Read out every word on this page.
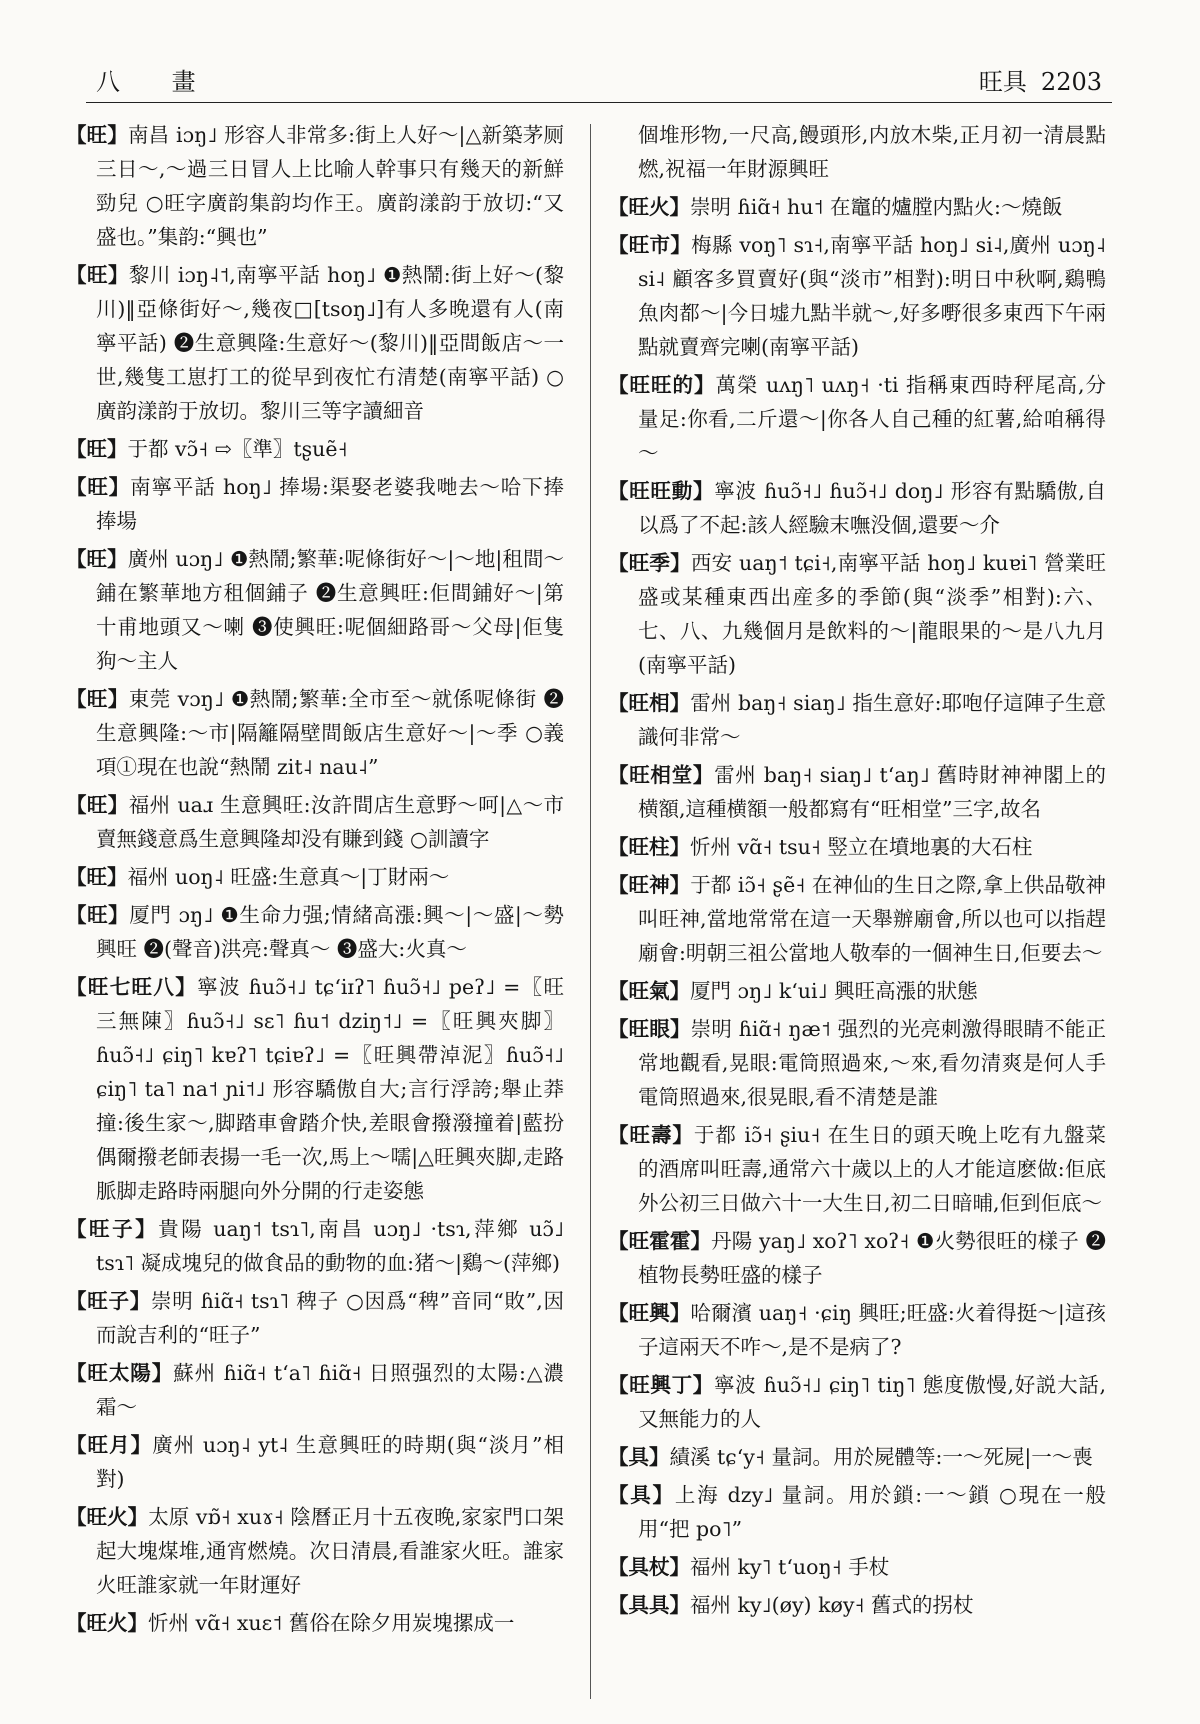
八 畫	旺具 2203
【旺】南昌 iɔŋ˩ 形容人非常多:街上人好～|△新築茅厕三日～,～過三日冒人上比喻人幹事只有幾天的新鮮勁兒 ○旺字廣韵集韵均作王。廣韵漾韵于放切:“又盛也。”集韵:“興也”
【旺】黎川 iɔŋ˨˦,南寧平話 hoŋ˩ ❶熱鬧:街上好～(黎川)‖亞條街好～,幾夜□[tsoŋ˩]有人多晚還有人(南寧平話) ❷生意興隆:生意好～(黎川)‖亞間飯店～一世,幾隻工崽打工的從早到夜忙冇清楚(南寧平話) ○廣韵漾韵于放切。黎川三等字讀細音
【旺】于都 vɔ̃˧ ⇨〖準〗tʂuẽ˧
【旺】南寧平話 hoŋ˩ 捧場:渠娶老婆我哋去～哈下捧捧場
【旺】廣州 uɔŋ˩ ❶熱鬧;繁華:呢條街好～|～地|租間～鋪在繁華地方租個鋪子 ❷生意興旺:佢間鋪好～|第十甫地頭又～喇 ❸使興旺:呢個細路哥～父母|佢隻狗～主人
【旺】東莞 vɔŋ˩ ❶熱鬧;繁華:全市至～就係呢條街 ❷生意興隆:～市|隔籬隔壁間飯店生意好～|～季 ○義項①現在也說“熱鬧 zit˨ nau˨”
【旺】福州 uaɹ 生意興旺:汝許間店生意野～呵|△～市賣無錢意爲生意興隆却没有賺到錢 ○訓讀字
【旺】福州 uoŋ˨ 旺盛:生意真～|丁財兩～
【旺】厦門 ɔŋ˩ ❶生命力强;情緒高漲:興～|～盛|～勢興旺 ❷(聲音)洪亮:聲真～ ❸盛大:火真～
【旺七旺八】寧波 ɦuɔ̃˧˩ tɕʻiɪʔ˥ ɦuɔ̃˧˩ peʔ˩ =〖旺三無陳〗ɦuɔ̃˧˩ sɛ˥ ɦu˦ dziŋ˦˩ =〖旺興夾脚〗ɦuɔ̃˧˩ ɕiŋ˥ kɐʔ˥ tɕiɐʔ˩ =〖旺興帶淖泥〗ɦuɔ̃˧˩ ɕiŋ˥ ta˥ na˦ ɲi˦˩ 形容驕傲自大;言行浮誇;舉止莽撞:後生家～,脚踏車會踏介快,差眼會撥潑撞着|藍扮偶爾撥老師表揚一毛一次,馬上～嚅|△旺興夾脚,走路脈脚走路時兩腿向外分開的行走姿態
【旺子】貴陽 uaŋ˦ tsɿ˥,南昌 uɔŋ˩ ·tsɿ,萍鄉 uɔ̃˩ tsɿ˥ 凝成塊兒的做食品的動物的血:猪～|鷄～(萍鄉)
【旺子】崇明 ɦiɑ̃˧ tsɿ˥ 稗子 ○因爲“稗”音同“敗”,因而說吉利的“旺子”
【旺太陽】蘇州 ɦiɑ̃˧ tʻa˥ ɦiɑ̃˧ 日照强烈的太陽:△濃霜～
【旺月】廣州 uɔŋ˨ yt˨ 生意興旺的時期(與“淡月”相對)
【旺火】太原 vɒ̃˧ xuɤ˧ 陰曆正月十五夜晚,家家門口架起大塊煤堆,通宵燃燒。次日清晨,看誰家火旺。誰家火旺誰家就一年財運好
【旺火】忻州 vɑ̃˧ xuɛ˦ 舊俗在除夕用炭塊摞成一
個堆形物,一尺高,饅頭形,内放木柴,正月初一清晨點燃,祝福一年財源興旺
【旺火】崇明 ɦiɑ̃˧ hu˦ 在竈的爐膛内點火:～燒飯
【旺市】梅縣 voŋ˥ sɿ˧,南寧平話 hoŋ˩ si˨,廣州 uɔŋ˨ si˨ 顧客多買賣好(與“淡市”相對):明日中秋啊,鷄鴨魚肉都～|今日墟九點半就～,好多嘢很多東西下午兩點就賣齊完喇(南寧平話)
【旺旺的】萬榮 uʌŋ˥ uʌŋ˧ ·ti 指稱東西時秤尾高,分量足:你看,二斤還～|你各人自己種的紅薯,給咱稱得～
【旺旺動】寧波 ɦuɔ̃˧˩ ɦuɔ̃˧˩ doŋ˩ 形容有點驕傲,自以爲了不起:該人經驗末嘸没個,還要～介
【旺季】西安 uaŋ˦ tɕi˧,南寧平話 hoŋ˩ kuɐi˥ 營業旺盛或某種東西出産多的季節(與“淡季”相對):六、七、八、九幾個月是飲料的～|龍眼果的～是八九月(南寧平話)
【旺相】雷州 baŋ˧ siaŋ˩ 指生意好:耶咆仔這陣子生意識何非常～
【旺相堂】雷州 baŋ˧ siaŋ˩ tʻaŋ˩ 舊時財神神閣上的横額,這種横額一般都寫有“旺相堂”三字,故名
【旺柱】忻州 vɑ̃˧ tsu˧ 竪立在墳地裏的大石柱
【旺神】于都 iɔ̃˧ ʂẽ˧ 在神仙的生日之際,拿上供品敬神叫旺神,當地常常在這一天舉辦廟會,所以也可以指趕廟會:明朝三祖公當地人敬奉的一個神生日,佢要去～
【旺氣】厦門 ɔŋ˩ kʻui˩ 興旺高漲的狀態
【旺眼】崇明 ɦiɑ̃˧ ŋæ˦ 强烈的光亮刺激得眼睛不能正常地觀看,晃眼:電筒照過來,～來,看勿清爽是何人手電筒照過來,很晃眼,看不清楚是誰
【旺壽】于都 iɔ̃˧ ʂiu˧ 在生日的頭天晚上吃有九盤菜的酒席叫旺壽,通常六十歲以上的人才能這麽做:佢底外公初三日做六十一大生日,初二日暗晡,佢到佢底～
【旺霍霍】丹陽 yaŋ˩ xoʔ˥ xoʔ˧ ❶火勢很旺的樣子 ❷植物長勢旺盛的樣子
【旺興】哈爾濱 uaŋ˧ ·ɕiŋ 興旺;旺盛:火着得挺～|這孩子這兩天不咋～,是不是病了?
【旺興丁】寧波 ɦuɔ̃˧˩ ɕiŋ˥ tiŋ˥ 態度傲慢,好説大話,又無能力的人
【具】績溪 tɕʻy˧ 量詞。用於屍體等:一～死屍|一～喪
【具】上海 dzy˩ 量詞。用於鎖:一～鎖 ○現在一般用“把 po˥”
【具杖】福州 ky˥ tʻuoŋ˧ 手杖
【具具】福州 ky˩(øy) køy˧ 舊式的拐杖
